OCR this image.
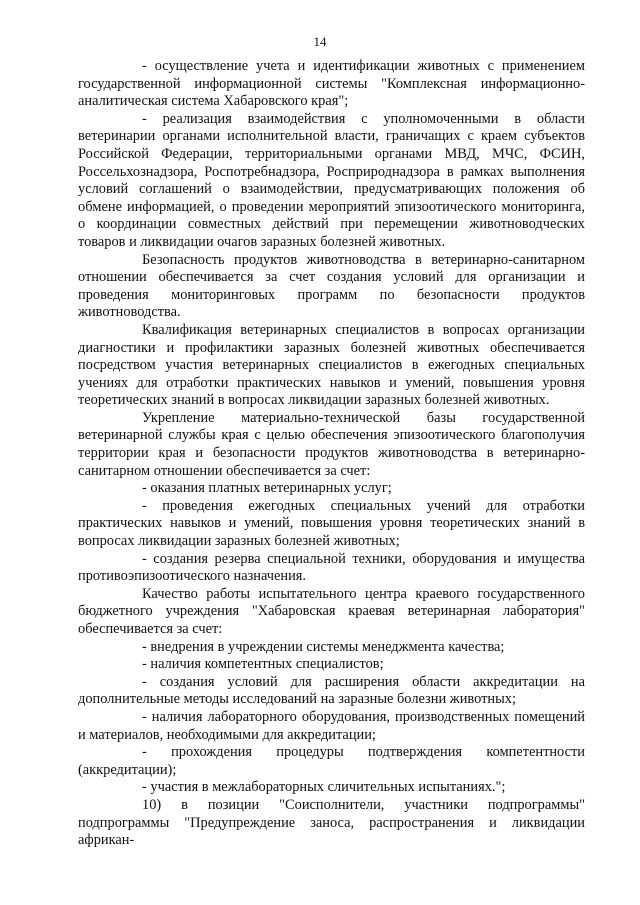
14

- осуществление учета и идентификации животных с применением государственной информационной системы "Комплексная информационно-аналитическая система Хабаровского края";

- реализация взаимодействия с уполномоченными в области ветеринарии органами исполнительной власти, граничащих с краем субъектов Российской Федерации, территориальными органами МВД, МЧС, ФСИН, Россельхознадзора, Роспотребнадзора, Росприроднадзора в рамках выполнения условий соглашений о взаимодействии, предусматривающих положения об обмене информацией, о проведении мероприятий эпизоотического мониторинга, о координации совместных действий при перемещении животноводческих товаров и ликвидации очагов заразных болезней животных.

Безопасность продуктов животноводства в ветеринарно-санитарном отношении обеспечивается за счет создания условий для организации и проведения мониторинговых программ по безопасности продуктов животноводства.

Квалификация ветеринарных специалистов в вопросах организации диагностики и профилактики заразных болезней животных обеспечивается посредством участия ветеринарных специалистов в ежегодных специальных учениях для отработки практических навыков и умений, повышения уровня теоретических знаний в вопросах ликвидации заразных болезней животных.

Укрепление материально-технической базы государственной ветеринарной службы края с целью обеспечения эпизоотического благополучия территории края и безопасности продуктов животноводства в ветеринарно-санитарном отношении обеспечивается за счет:

- оказания платных ветеринарных услуг;

- проведения ежегодных специальных учений для отработки практических навыков и умений, повышения уровня теоретических знаний в вопросах ликвидации заразных болезней животных;

- создания резерва специальной техники, оборудования и имущества противоэпизоотического назначения.

Качество работы испытательного центра краевого государственного бюджетного учреждения "Хабаровская краевая ветеринарная лаборатория" обеспечивается за счет:

- внедрения в учреждении системы менеджмента качества;

- наличия компетентных специалистов;

- создания условий для расширения области аккредитации на дополнительные методы исследований на заразные болезни животных;

- наличия лабораторного оборудования, производственных помещений и материалов, необходимыми для аккредитации;

- прохождения процедуры подтверждения компетентности (аккредитации);

- участия в межлабораторных сличительных испытаниях.";

10) в позиции "Соисполнители, участники подпрограммы" подпрограммы "Предупреждение заноса, распространения и ликвидации африкан-
